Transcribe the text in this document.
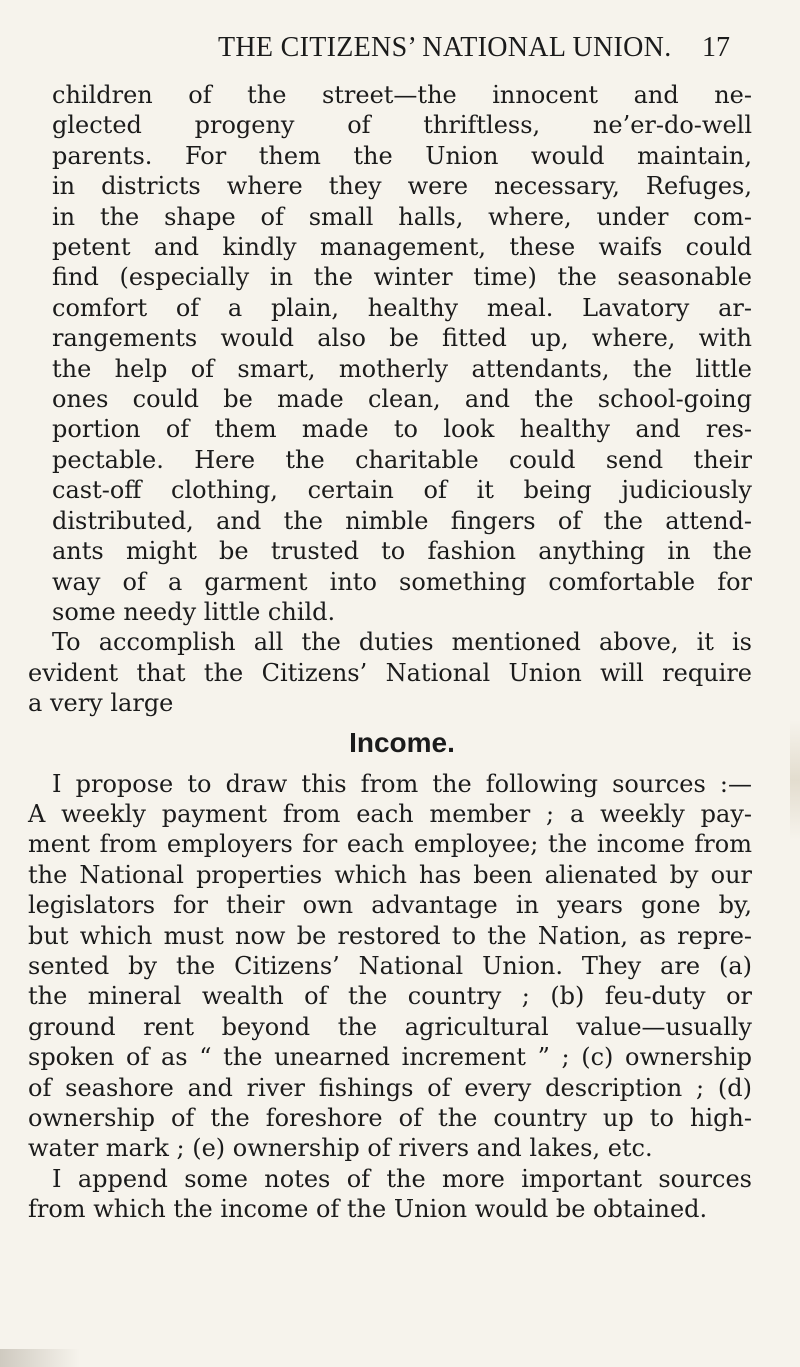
THE CITIZENS’ NATIONAL UNION. 17
children of the street—the innocent and ne-
glected progeny of thriftless, ne’er-do-well
parents. For them the Union would maintain,
in districts where they were necessary, Refuges,
in the shape of small halls, where, under com-
petent and kindly management, these waifs could
find (especially in the winter time) the seasonable
comfort of a plain, healthy meal. Lavatory ar-
rangements would also be fitted up, where, with
the help of smart, motherly attendants, the little
ones could be made clean, and the school-going
portion of them made to look healthy and res-
pectable. Here the charitable could send their
cast-off clothing, certain of it being judiciously
distributed, and the nimble fingers of the attend-
ants might be trusted to fashion anything in the
way of a garment into something comfortable for
some needy little child.
To accomplish all the duties mentioned above, it is
evident that the Citizens’ National Union will require
a very large
Income.
I propose to draw this from the following sources :—
A weekly payment from each member ; a weekly pay-
ment from employers for each employee; the income from
the National properties which has been alienated by our
legislators for their own advantage in years gone by,
but which must now be restored to the Nation, as repre-
sented by the Citizens’ National Union. They are (a)
the mineral wealth of the country ; (b) feu-duty or
ground rent beyond the agricultural value—usually
spoken of as “ the unearned increment ” ; (c) ownership
of seashore and river fishings of every description ; (d)
ownership of the foreshore of the country up to high-
water mark ; (e) ownership of rivers and lakes, etc.
I append some notes of the more important sources
from which the income of the Union would be obtained.
